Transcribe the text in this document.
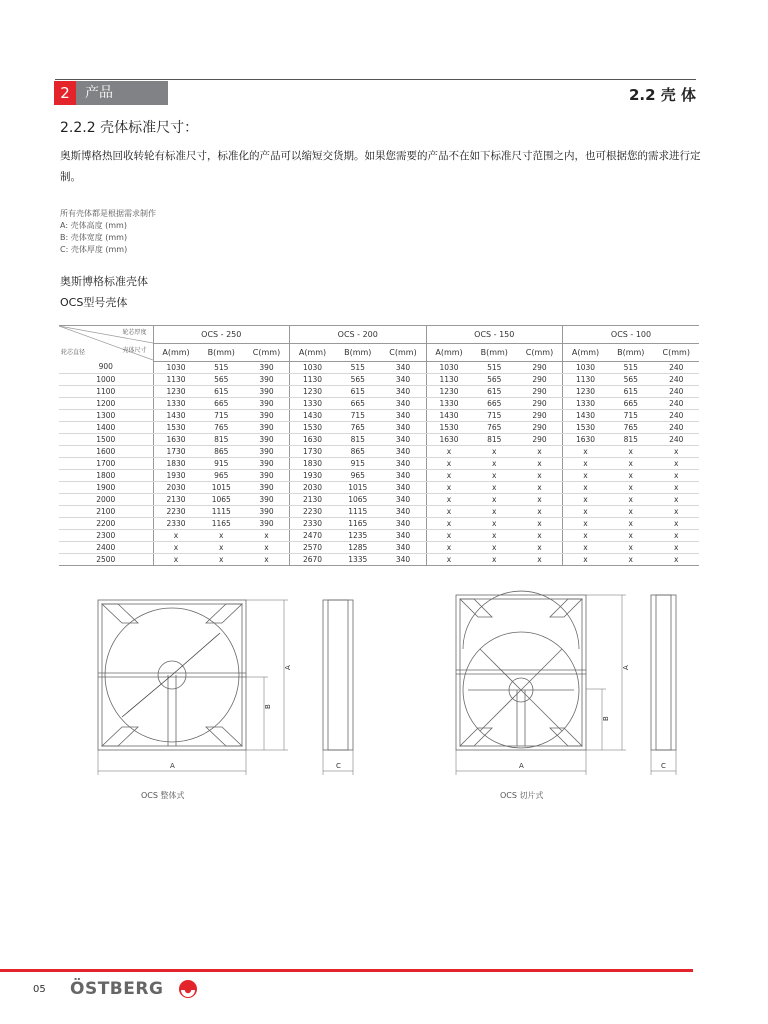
2	产品	2.2 壳 体
2.2.2 壳体标准尺寸：
奥斯博格热回收转轮有标准尺寸，标准化的产品可以缩短交货期。如果您需要的产品不在如下标准尺寸范围之内，也可根据您的需求进行定制。
所有壳体都是根据需求制作
A: 壳体高度 (mm)
B: 壳体宽度 (mm)
C: 壳体厚度 (mm)
奥斯博格标准壳体
OCS型号壳体
轮芯厚度
壳体尺寸
轮芯直径	OCS - 250			OCS - 200			OCS - 150			OCS - 100		
	A(mm)	B(mm)	C(mm)	A(mm)	B(mm)	C(mm)	A(mm)	B(mm)	C(mm)	A(mm)	B(mm)	C(mm)
900	1030	515	390	1030	515	340	1030	515	290	1030	515	240
1000	1130	565	390	1130	565	340	1130	565	290	1130	565	240
1100	1230	615	390	1230	615	340	1230	615	290	1230	615	240
1200	1330	665	390	1330	665	340	1330	665	290	1330	665	240
1300	1430	715	390	1430	715	340	1430	715	290	1430	715	240
1400	1530	765	390	1530	765	340	1530	765	290	1530	765	240
1500	1630	815	390	1630	815	340	1630	815	290	1630	815	240
1600	1730	865	390	1730	865	340	x	x	x	x	x	x
1700	1830	915	390	1830	915	340	x	x	x	x	x	x
1800	1930	965	390	1930	965	340	x	x	x	x	x	x
1900	2030	1015	390	2030	1015	340	x	x	x	x	x	x
2000	2130	1065	390	2130	1065	340	x	x	x	x	x	x
2100	2230	1115	390	2230	1115	340	x	x	x	x	x	x
2200	2330	1165	390	2330	1165	340	x	x	x	x	x	x
2300	x	x	x	2470	1235	340	x	x	x	x	x	x
2400	x	x	x	2570	1285	340	x	x	x	x	x	x
2500	x	x	x	2670	1335	340	x	x	x	x	x	x
A
A
B
C	A
A
B
C
OCS 整体式	OCS 切片式
05 ÖSTBERG
